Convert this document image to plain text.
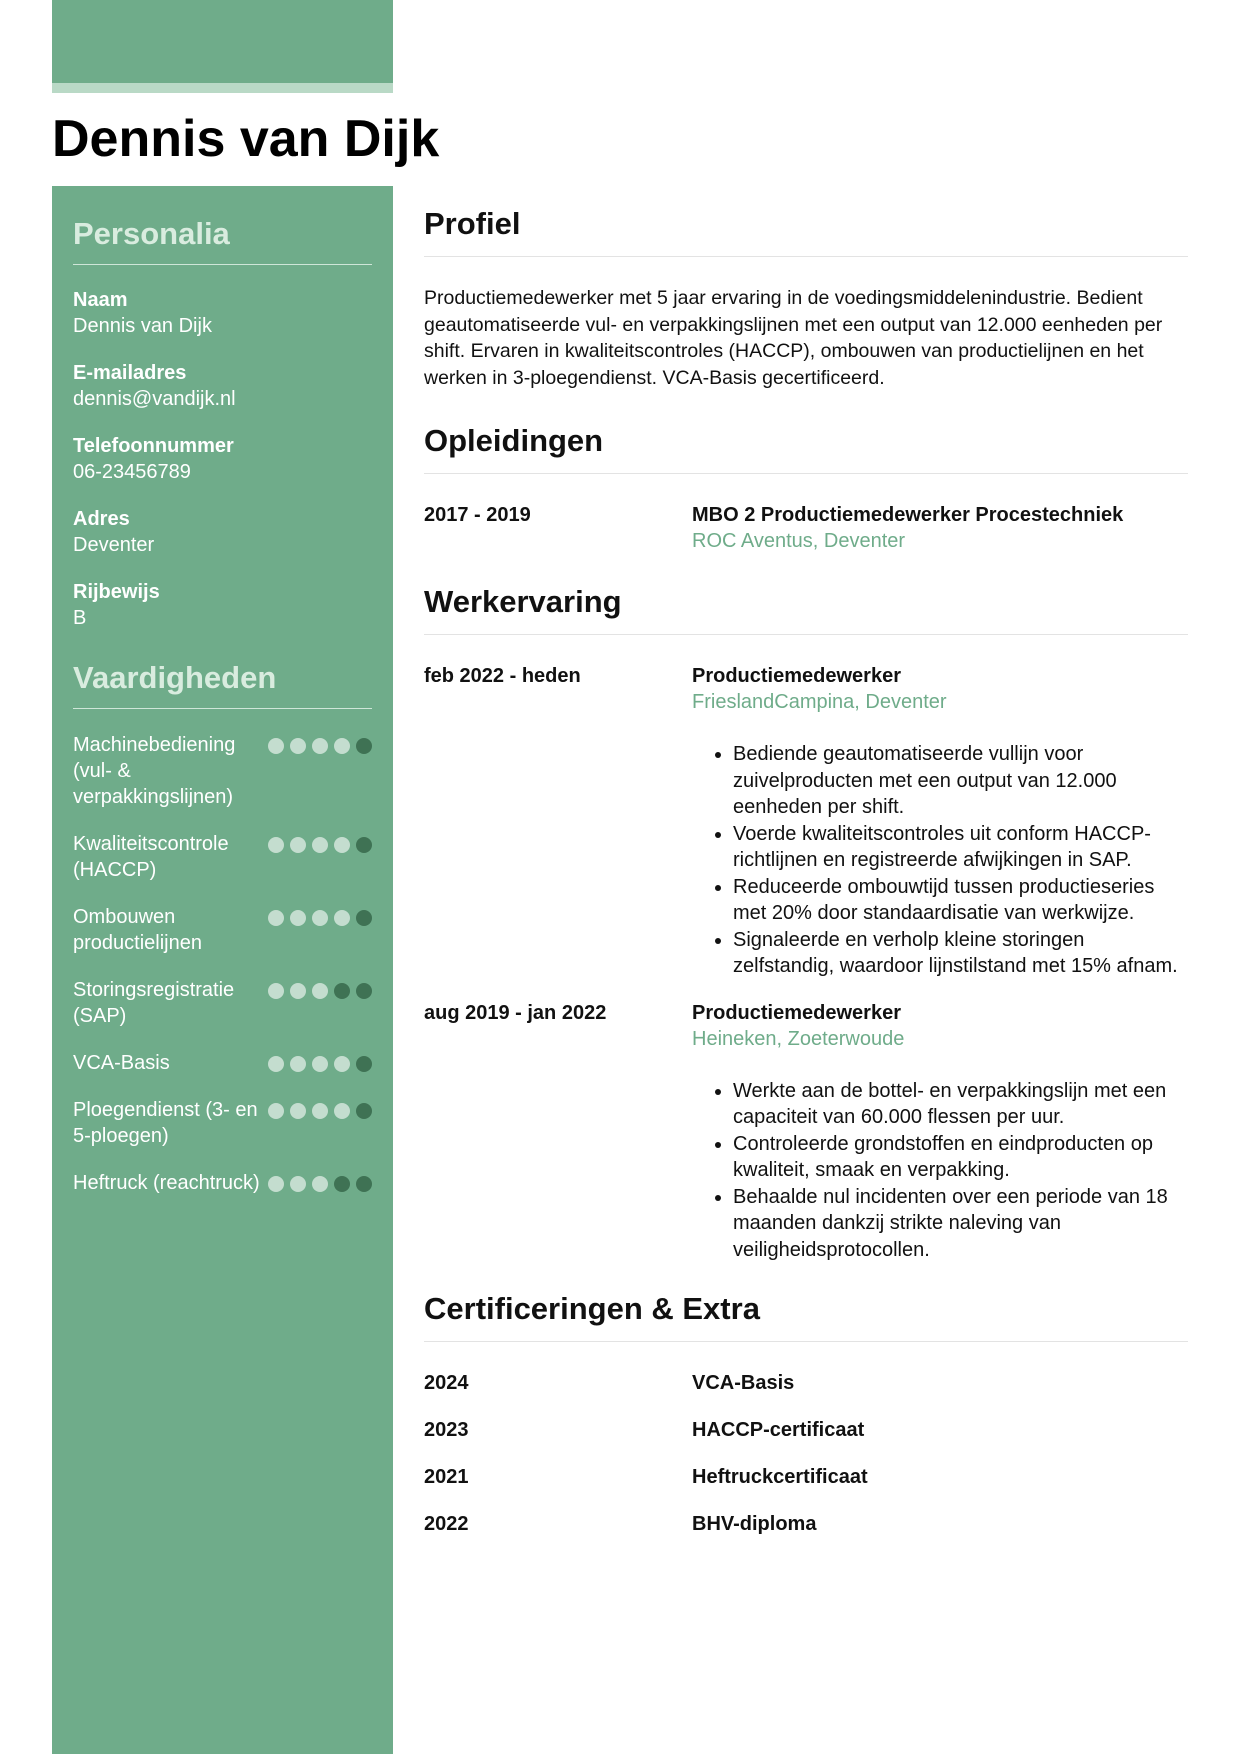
Dennis van Dijk
Personalia
Naam
Dennis van Dijk
E-mailadres
dennis@vandijk.nl
Telefoonnummer
06-23456789
Adres
Deventer
Rijbewijs
B
Vaardigheden
Machinebediening (vul- & verpakkingslijnen)
Kwaliteitscontrole (HACCP)
Ombouwen productielijnen
Storingsregistratie (SAP)
VCA-Basis
Ploegendienst (3- en 5-ploegen)
Heftruck (reachtruck)
Profiel

Productiemedewerker met 5 jaar ervaring in de voedingsmiddelenindustrie. Bedient geautomatiseerde vul- en verpakkingslijnen met een output van 12.000 eenheden per shift. Ervaren in kwaliteitscontroles (HACCP), ombouwen van productielijnen en het werken in 3-ploegendienst. VCA-Basis gecertificeerd.

Opleidingen
2017 - 2019	MBO 2 Productiemedewerker Procestechniek
ROC Aventus, Deventer
Werkervaring
feb 2022 - heden	Productiemedewerker
FrieslandCampina, Deventer
• Bediende geautomatiseerde vullijn voor zuivelproducten met een output van 12.000 eenheden per shift.
• Voerde kwaliteitscontroles uit conform HACCP-richtlijnen en registreerde afwijkingen in SAP.
• Reduceerde ombouwtijd tussen productieseries met 20% door standaardisatie van werkwijze.
• Signaleerde en verholp kleine storingen zelfstandig, waardoor lijnstilstand met 15% afnam.
aug 2019 - jan 2022	Productiemedewerker
Heineken, Zoeterwoude
• Werkte aan de bottel- en verpakkingslijn met een capaciteit van 60.000 flessen per uur.
• Controleerde grondstoffen en eindproducten op kwaliteit, smaak en verpakking.
• Behaalde nul incidenten over een periode van 18 maanden dankzij strikte naleving van veiligheidsprotocollen.
Certificeringen & Extra
2024	VCA-Basis
2023	HACCP-certificaat
2021	Heftruckcertificaat
2022	BHV-diploma
